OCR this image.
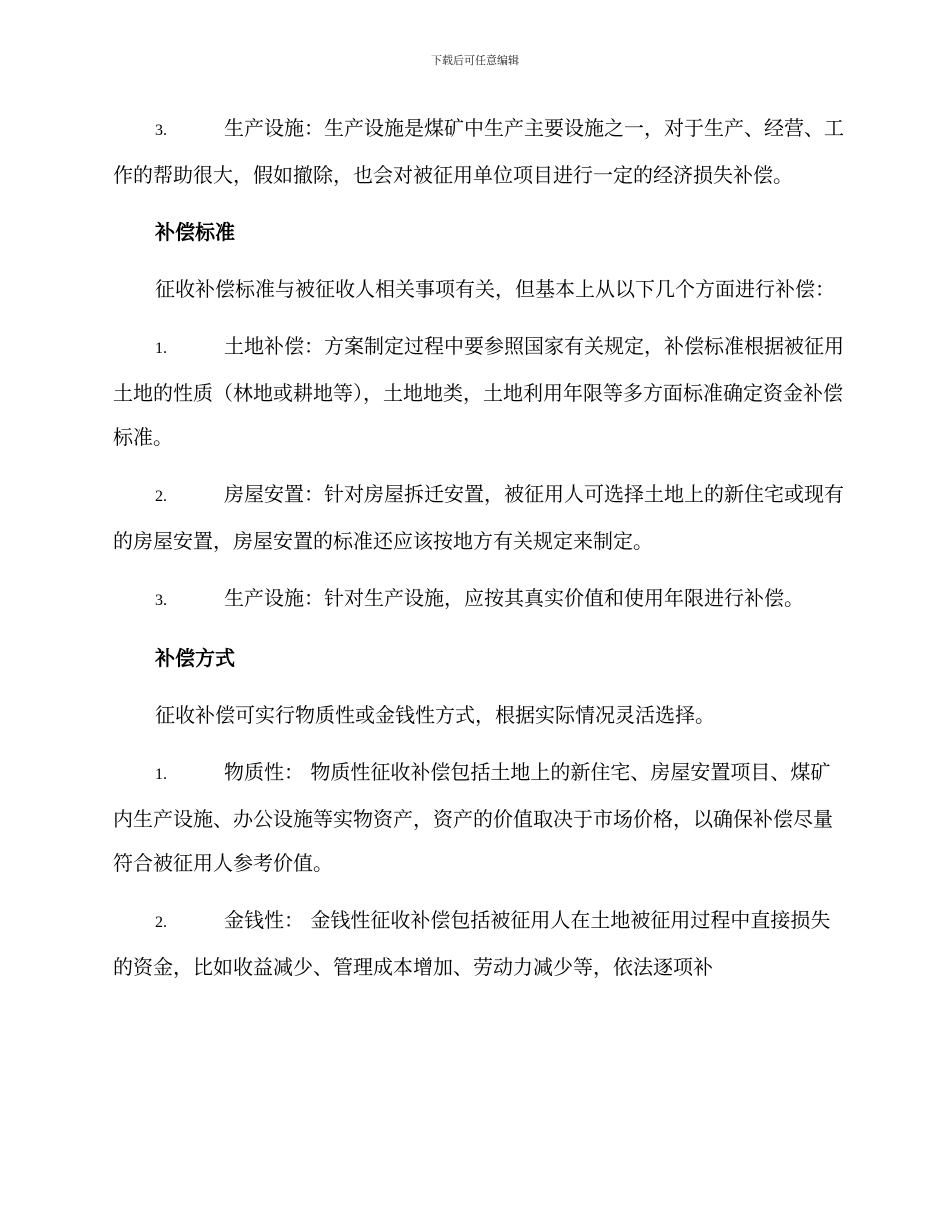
下载后可任意编辑

3.	生产设施：生产设施是煤矿中生产主要设施之一，对于生产、经营、工作的帮助很大，假如撤除，也会对被征用单位项目进行一定的经济损失补偿。

补偿标准

征收补偿标准与被征收人相关事项有关，但基本上从以下几个方面进行补偿：

1.	土地补偿：方案制定过程中要参照国家有关规定，补偿标准根据被征用土地的性质（林地或耕地等），土地地类，土地利用年限等多方面标准确定资金补偿标准。

2.	房屋安置：针对房屋拆迁安置，被征用人可选择土地上的新住宅或现有的房屋安置，房屋安置的标准还应该按地方有关规定来制定。

3.	生产设施：针对生产设施，应按其真实价值和使用年限进行补偿。

补偿方式

征收补偿可实行物质性或金钱性方式，根据实际情况灵活选择。

1.	物质性： 物质性征收补偿包括土地上的新住宅、房屋安置项目、煤矿内生产设施、办公设施等实物资产，资产的价值取决于市场价格，以确保补偿尽量符合被征用人参考价值。

2.	金钱性： 金钱性征收补偿包括被征用人在土地被征用过程中直接损失的资金，比如收益减少、管理成本增加、劳动力减少等，依法逐项补
